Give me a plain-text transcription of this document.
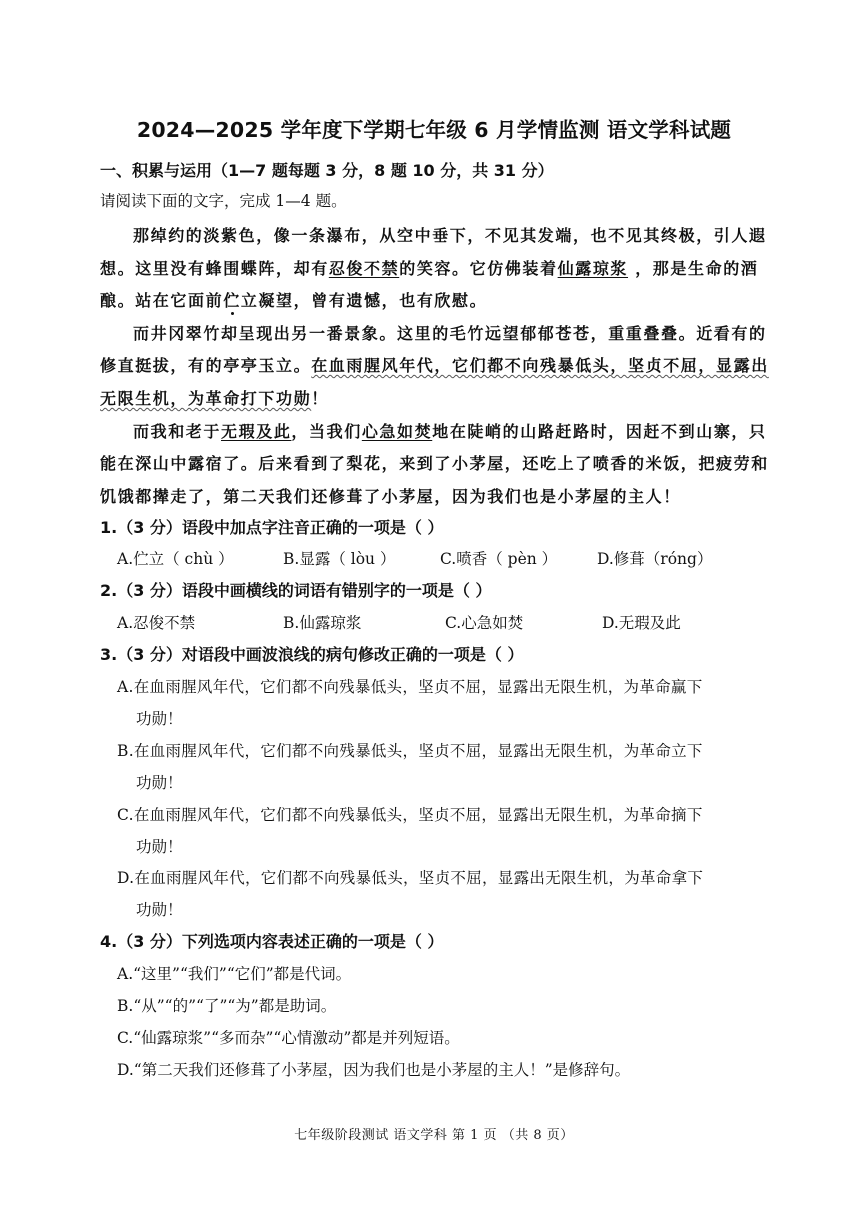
2024—2025 学年度下学期七年级 6 月学情监测 语文学科试题
一、积累与运用（1—7 题每题 3 分，8 题 10 分，共 31 分）
请阅读下面的文字，完成 1—4 题。
那绰约的淡紫色，像一条瀑布，从空中垂下，不见其发端，也不见其终极，引人遐
想。这里没有蜂围蝶阵，却有忍俊不禁的笑容。它仿佛装着仙露琼浆 ，那是生命的酒
酿。站在它面前伫立凝望，曾有遗憾，也有欣慰。
而井冈翠竹却呈现出另一番景象。这里的毛竹远望郁郁苍苍，重重叠叠。近看有的
修直挺拔，有的亭亭玉立。在血雨腥风年代，它们都不向残暴低头，坚贞不屈，显露出
无限生机，为革命打下功勋！
而我和老于无瑕及此，当我们心急如焚地在陡峭的山路赶路时，因赶不到山寨，只
能在深山中露宿了。后来看到了梨花，来到了小茅屋，还吃上了喷香的米饭，把疲劳和
饥饿都撵走了，第二天我们还修葺了小茅屋，因为我们也是小茅屋的主人！
1.（3 分）语段中加点字注音正确的一项是（ ）
A.伫立（ chù ）	B.显露（ lòu ）	C.喷香（ pèn ）	D.修葺（róng）
2.（3 分）语段中画横线的词语有错别字的一项是（ ）
A.忍俊不禁	B.仙露琼浆	C.心急如焚	D.无瑕及此
3.（3 分）对语段中画波浪线的病句修改正确的一项是（ ）
A.在血雨腥风年代，它们都不向残暴低头，坚贞不屈，显露出无限生机，为革命赢下
功勋！
B.在血雨腥风年代，它们都不向残暴低头，坚贞不屈，显露出无限生机，为革命立下
功勋！
C.在血雨腥风年代，它们都不向残暴低头，坚贞不屈，显露出无限生机，为革命摘下
功勋！
D.在血雨腥风年代，它们都不向残暴低头，坚贞不屈，显露出无限生机，为革命拿下
功勋！
4.（3 分）下列选项内容表述正确的一项是（ ）
A.“这里”“我们”“它们”都是代词。
B.“从”“的”“了”“为”都是助词。
C.“仙露琼浆”“多而杂”“心情激动”都是并列短语。
D.“第二天我们还修葺了小茅屋，因为我们也是小茅屋的主人！”是修辞句。
七年级阶段测试 语文学科 第 1 页 （共 8 页）
